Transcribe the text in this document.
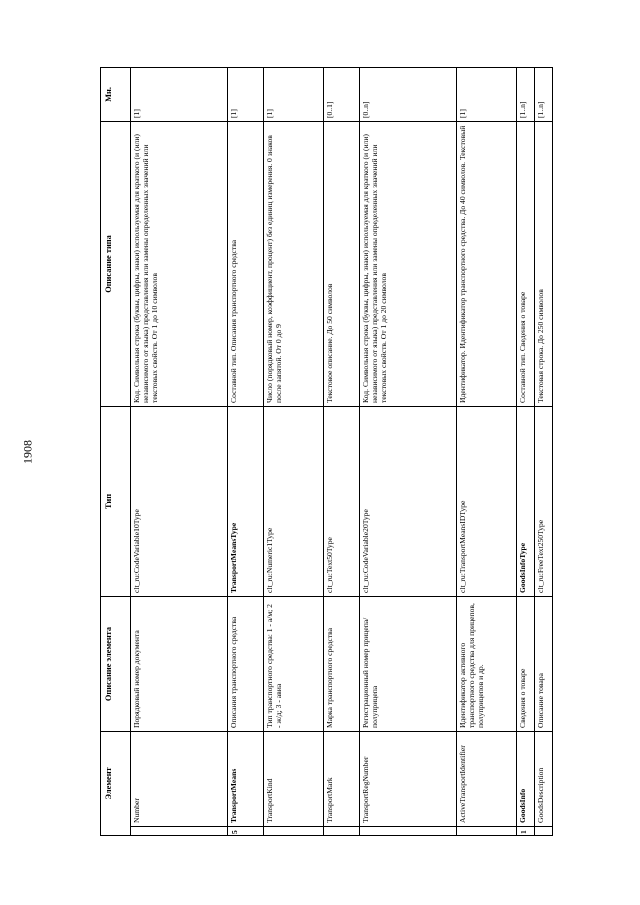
1908
Элемент		Описание элемента	Тип	Описание типа	Мн.
	Number	Порядковый номер документа	clt_ru:CodeVariable10Type	Код. Символьная строка (буквы, цифры, знаки) используемая для краткого (и (или) независимого от языка) представления или замены определенных значений или текстовых свойств. От 1 до 10 символов	[1]

5	TransportMeans	Описания транспортного средства	TransportMeansType	Составной тип. Описания транспортного средства	[1]
	TransportKind	Тип транспортного средства: 1 - а/м; 2 - ж/д; 3 - авиа	clt_ru:Numeric1Type	Число (порядковый номер, коэффициент, процент) без единиц измерения. 0 знаков после запятой. От 0 до 9	[1]
	TransportMark	Марка транспортного средства	clt_ru:Text50Type	Текстовое описание. До 50 символов	[0..1]
	TransportRegNumber	Регистрационный номер прицепа/полуприцепа	clt_ru:CodeVariable20Type	Код. Символьная строка (буквы, цифры, знаки) используемая для краткого (и (или) независимого от языка) представления или замены определенных значений или текстовых свойств. От 1 до 20 символов	[0..n]
	ActiveTransportIdentifier	Идентификатор активного транспортного средства для прицепов, полуприцепов и др.	clt_ru:TransportMeansIDType	Идентификатор. Идентификатор транспортного средства. До 40 символов. Текстовый	[1]

1	GoodsInfo	Сведения о товаре	GoodsInfoType	Составной тип. Сведения о товаре	[1..n]
	GoodsDescription	Описание товара	clt_ru:FreeText250Type	Текстовая строка. До 250 символов	[1..n]
